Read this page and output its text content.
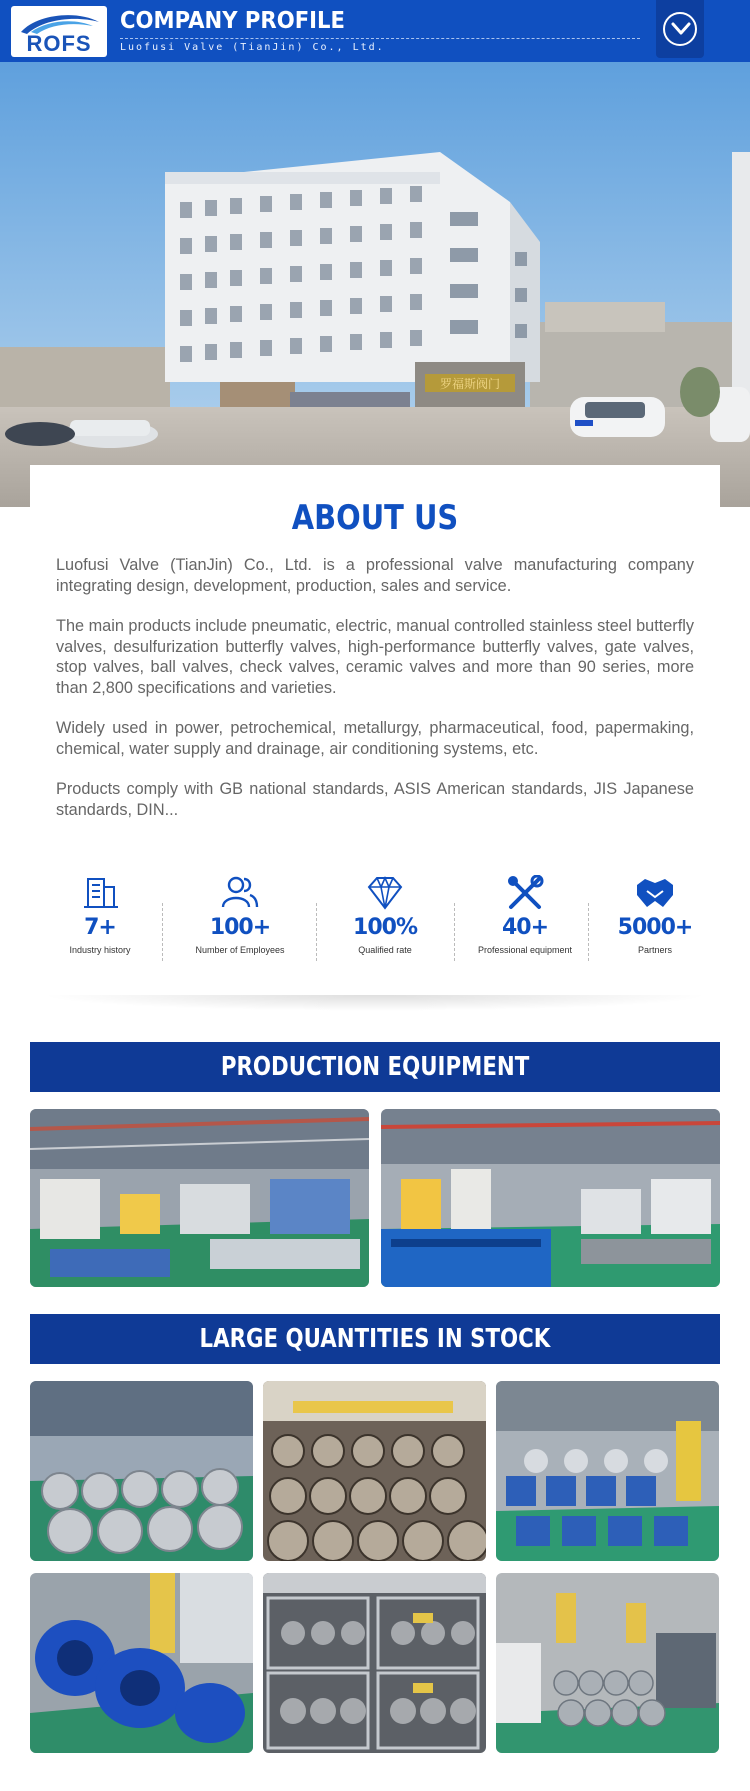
ROFS
COMPANY PROFILE
Luofusi Valve (TianJin) Co., Ltd.
罗福斯阀门
ABOUT US

Luofusi Valve (TianJin) Co., Ltd. is a professional valve manufacturing company integrating design, development, production, sales and service.

The main products include pneumatic, electric, manual controlled stainless steel butterfly valves, desulfurization butterfly valves, high-performance butterfly valves, gate valves, stop valves, ball valves, check valves, ceramic valves and more than 90 series, more than 2,800 specifications and varieties.

Widely used in power, petrochemical, metallurgy, pharmaceutical, food, papermaking, chemical, water supply and drainage, air conditioning systems, etc.

Products comply with GB national standards, ASIS American standards, JIS Japanese standards, DIN...

7+
Industry history
100+
Number of Employees
100%
Qualified rate
40+
Professional equipment
5000+
Partners
PRODUCTION EQUIPMENT
LARGE QUANTITIES IN STOCK
